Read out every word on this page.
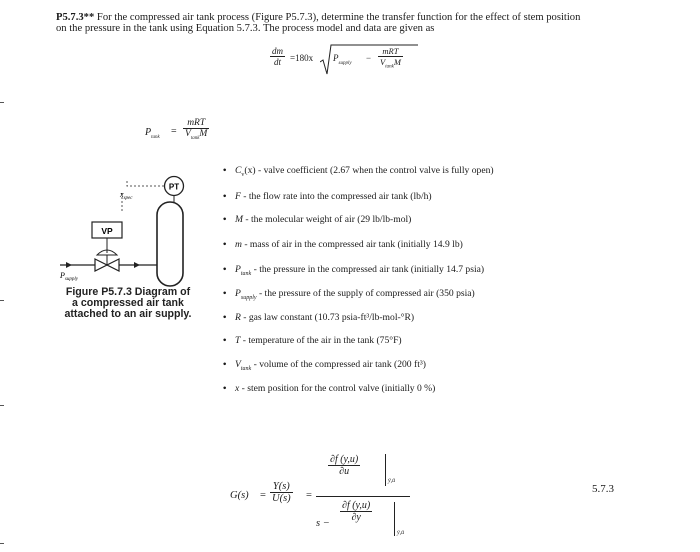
P5.7.3** For the compressed air tank process (Figure P5.7.3), determine the transfer function for the effect of stem position
on the pressure in the tank using Equation 5.7.3. The process model and data are given as
$\frac{dm}{dt} =180x$ $P_{supply}$
−
mRT
$V_{tank}M$
$P_{tank}$
=
mRT
$V_{tank}M$
PT
$x_{spec}$
VP
$P_{supply}$
Figure P5.7.3 Diagram of
a compressed air tank
attached to an air supply.
• $C_v(x)$ - valve coefficient (2.67 when the control valve is fully open)
• F - the flow rate into the compressed air tank (lb/h)
• M - the molecular weight of air (29 lb/lb-mol)
• m - mass of air in the compressed air tank (initially 14.9 lb)
• $P_{tank}$ - the pressure in the compressed air tank (initially 14.7 psia)
• $P_{supply}$ - the pressure of the supply of compressed air (350 psia)
• R - gas law constant (10.73 psia-ft³/lb-mol-°R)
• T - temperature of the air in the tank (75°F)
• $V_{tank}$ - volume of the compressed air tank (200 ft³)
• x - stem position for the control valve (initially 0 %)
$G(s) = \frac{Y(s)}{U(s)}$ =
$\frac{\partial f (y,u)}{\partial u}$
ȳ,ū
s −
$\frac{\partial f (y,u)}{\partial y}$
ȳ,ū
5.7.3
